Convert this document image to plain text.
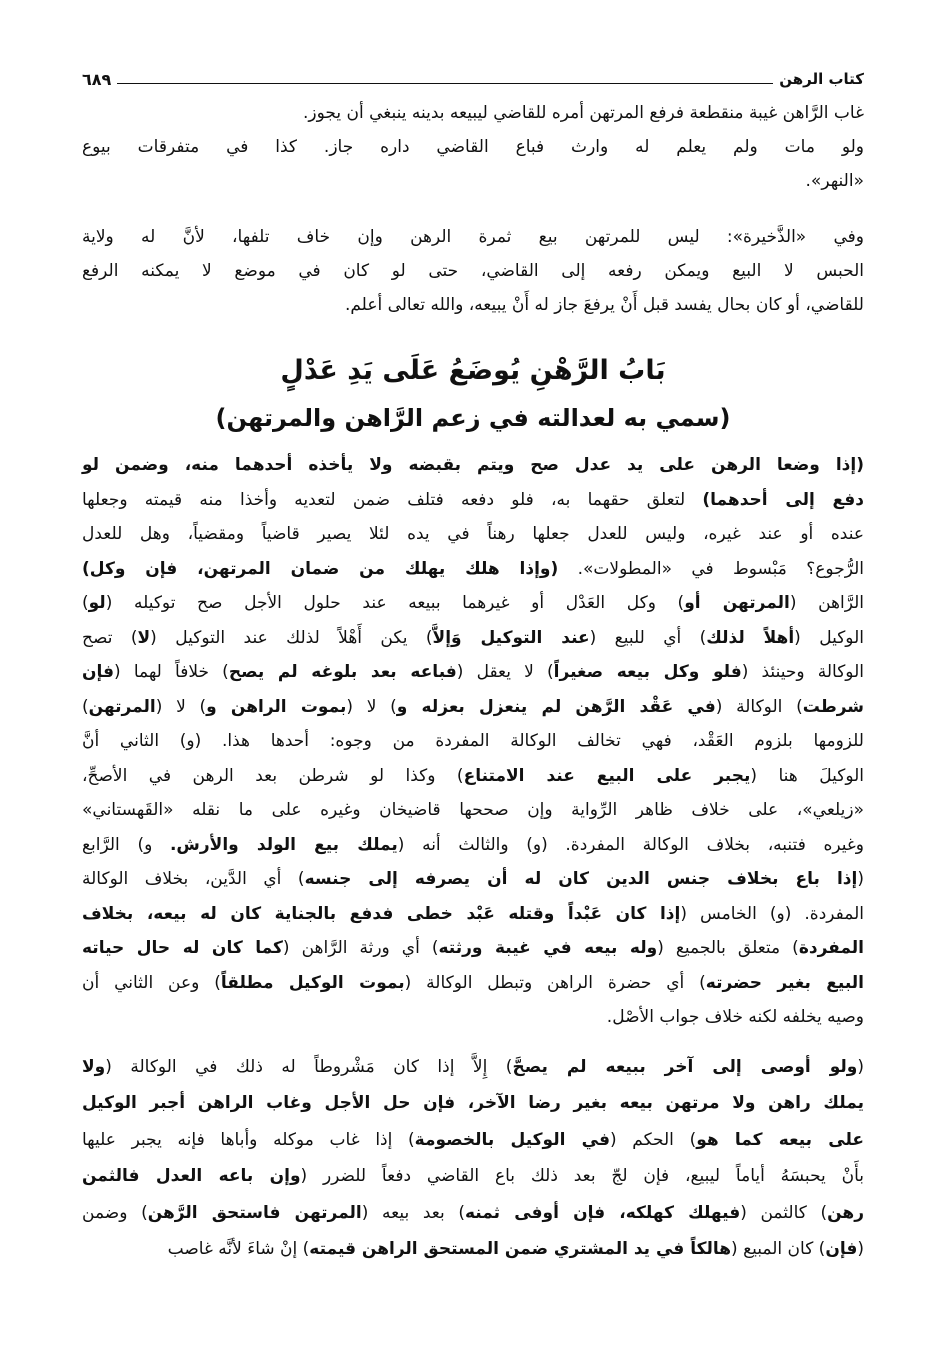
كتاب الرهن
٦٨٩
غاب الرَّاهن غيبة منقطعة فرفع المرتهن أمره للقاضي ليبيعه بدينه ينبغي أن يجوز.
ولو مات ولم يعلم له وارث فباع القاضي داره جاز. كذا في متفرقات بيوع
«النهر».
وفي «الذَّخيرة»: ليس للمرتهن بيع ثمرة الرهن وإن خاف تلفها، لأنَّ له ولاية
الحبس لا البيع ويمكن رفعه إلى القاضي، حتى لو كان في موضع لا يمكنه الرفع
للقاضي، أو كان بحال يفسد قبل أَنْ يرفعَ جاز له أَنْ يبيعه، والله تعالى أعلم.
بَابُ الرَّهْنِ يُوضَعُ عَلَى يَدِ عَدْلٍ
(سمي به لعدالته في زعم الرَّاهن والمرتهن)
(إذا وضعا الرهن على يد عدل صح ويتم بقبضه ولا يأخذه أحدهما منه، وضمن لو
دفع إلى أحدهما) لتعلق حقهما به، فلو دفعه فتلف ضمن لتعديه وأخذا منه قيمته وجعلها
عنده أو عند غيره، وليس للعدل جعلها رهناً في يده لئلا يصير قاضياً ومقضياً، وهل للعدل
الرُّجوع؟ مَبْسوط في «المطولات». (وإذا هلك يهلك من ضمان المرتهن، فإن وكل)
الرَّاهن (المرتهن أو) وكل العَدْل أو غيرهما ببيعه عند حلول الأجل صح توكيله (لو)
الوكيل (أهلاً لذلك) أي للبيع (عند التوكيل وَإلاَّ) يكن أَهْلاً لذلك عند التوكيل (لا) تصح
الوكالة وحينئذ (فلو وكل بيعه صغيراً) لا يعقل (فباعه بعد بلوغه لم يصح) خلافاً لهما (فإن
شرطت) الوكالة (في عَقْد الرَّهن لم ينعزل بعزله و) لا (بموت الراهن و) لا (المرتهن)
للزومها بلزوم العَقْد، فهي تخالف الوكالة المفردة من وجوه: أحدها هذا. (و) الثاني أنَّ
الوكيلَ هنا (يجبر على البيع عند الامتناع) وكذا لو شرطن بعد الرهن في الأصحِّ،
«زيلعي»، على خلاف ظاهر الرِّواية وإن صححها قاضيخان وغيره على ما نقله «القَهستاني»
وغيره فتنبه، بخلاف الوكالة المفردة. (و) والثالث أنه (يملك بيع الولد والأرش. و) الرَّابع
(إذا باع بخلاف جنس الدين كان له أن يصرفه إلى جنسه) أي الدَّين، بخلاف الوكالة
المفردة. (و) الخامس (إذا كان عَبْداً وقتله عَبْد خطى فدفع بالجناية كان له بيعه، بخلاف
المفردة) متعلق بالجميع (وله بيعه في غيبة ورثته) أي ورثة الرَّاهن (كما كان له حال حياته
البيع بغير حضرته) أي حضرة الراهن وتبطل الوكالة (بموت الوكيل مطلقاً) وعن الثاني أن
وصيه يخلفه لكنه خلاف جواب الأصْل.
(ولو أوصى إلى آخر ببيعه لم يصحَّ) إِلاَّ إذا كان مَشْروطاً له ذلك في الوكالة (ولا
يملك راهن ولا مرتهن بيعه بغير رضا الآخر، فإن حل الأجل وغاب الراهن أجبر الوكيل
على بيعه كما هو) الحكم (في الوكيل بالخصومة) إذا غاب موكله وأباها فإنه يجبر عليها
بأَنْ يحبسَهُ أياماً ليبيع، فإن لجّ بعد ذلك باع القاضي دفعاً للضرر (وإن باعه العدل فالثمن
رهن) كالثمن (فيهلك كهلكه، فإن أوفى ثمنه) بعد بيعه (المرتهن فاستحق الرَّهن) وضمن
(فإن) كان المبيع (هالكاً في يد المشتري ضمن المستحق الراهن قيمته) إنْ شاءَ لأنَّه غاصب
